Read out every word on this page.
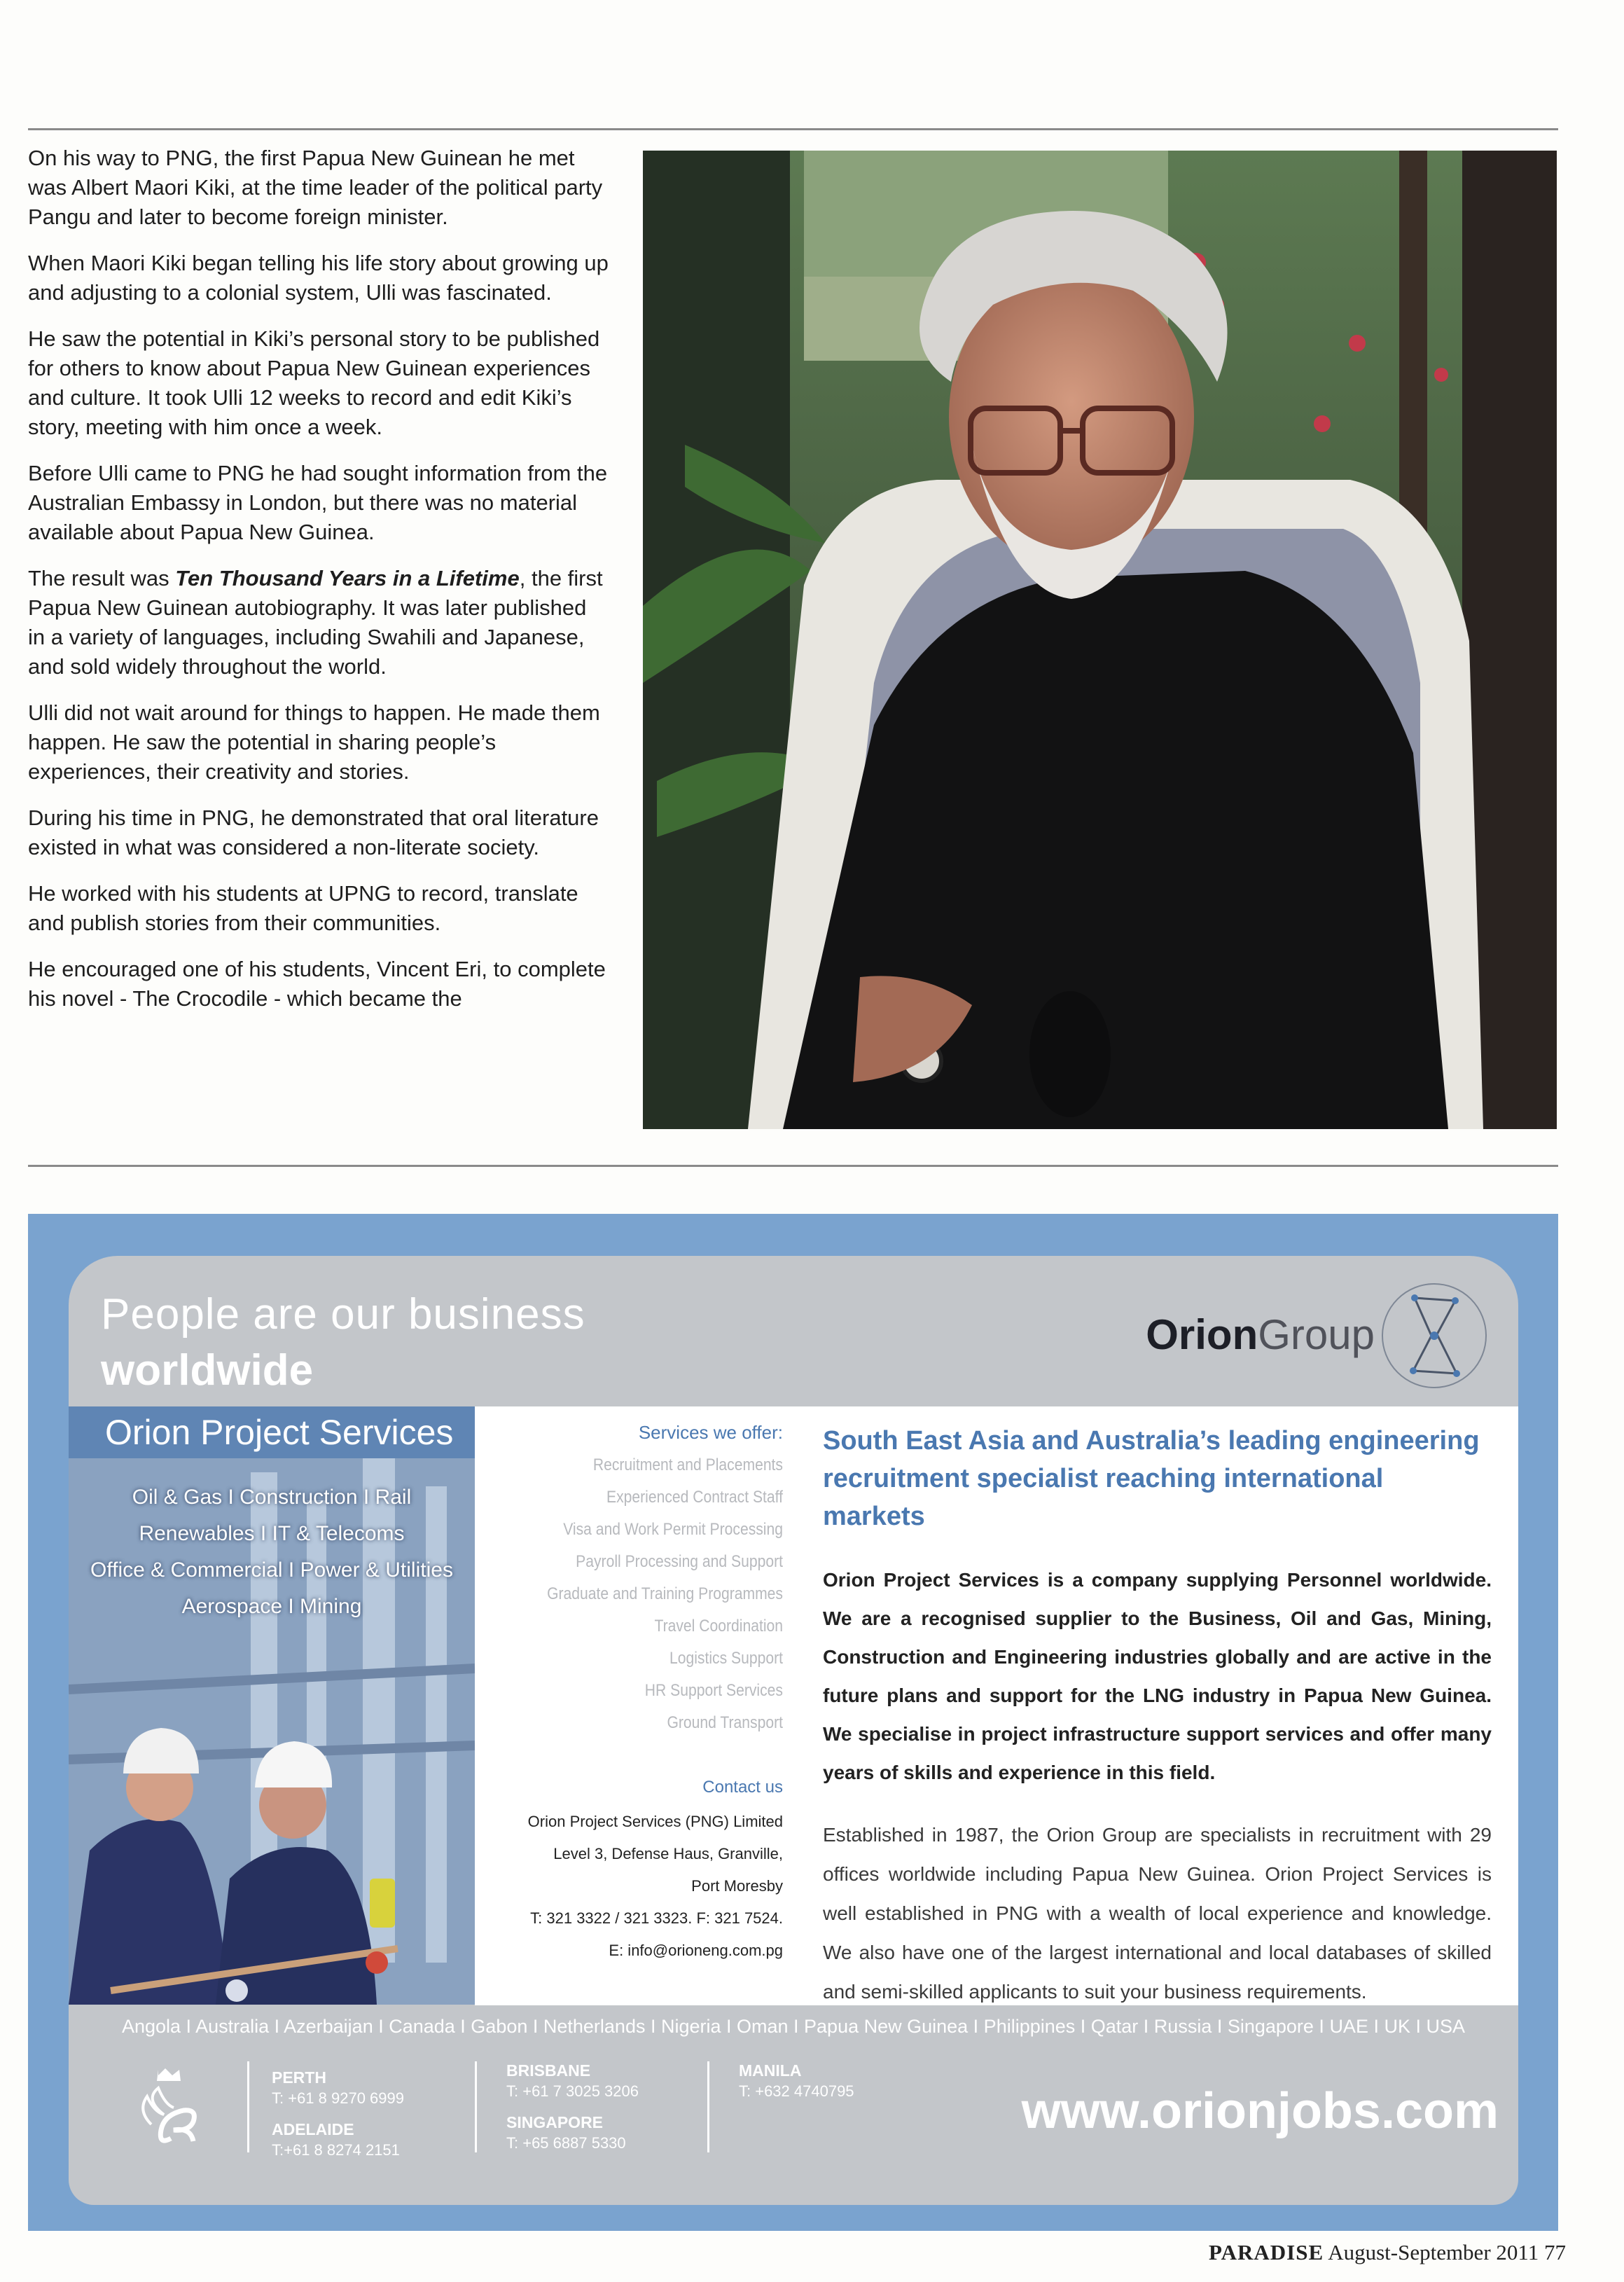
On his way to PNG, the first Papua New Guinean he met was Albert Maori Kiki, at the time leader of the political party Pangu and later to become foreign minister.

When Maori Kiki began telling his life story about growing up and adjusting to a colonial system, Ulli was fascinated.

He saw the potential in Kiki’s personal story to be published for others to know about Papua New Guinean experiences and culture. It took Ulli 12 weeks to record and edit Kiki’s story, meeting with him once a week.

Before Ulli came to PNG he had sought information from the Australian Embassy in London, but there was no material available about Papua New Guinea.

The result was Ten Thousand Years in a Lifetime, the first Papua New Guinean autobiography. It was later published in a variety of languages, including Swahili and Japanese, and sold widely throughout the world.

Ulli did not wait around for things to happen. He made them happen. He saw the potential in sharing people’s experiences, their creativity and stories.

During his time in PNG, he demonstrated that oral literature existed in what was considered a non-literate society.

He worked with his students at UPNG to record, translate and publish stories from their communities.

He encouraged one of his students, Vincent Eri, to complete his novel - The Crocodile - which became the

People are our business
worldwide
OrionGroup
Orion Project Services
Oil & Gas I Construction I Rail
Renewables I IT & Telecoms
Office & Commercial I Power & Utilities
Aerospace I Mining
Services we offer:
Recruitment and Placements
Experienced Contract Staff
Visa and Work Permit Processing
Payroll Processing and Support
Graduate and Training Programmes
Travel Coordination
Logistics Support
HR Support Services
Ground Transport
Contact us
Orion Project Services (PNG) Limited
Level 3, Defense Haus, Granville,
Port Moresby
T: 321 3322 / 321 3323. F: 321 7524.
E: info@orioneng.com.pg
South East Asia and Australia’s leading engineering recruitment specialist reaching international markets
Orion Project Services is a company supplying Personnel worldwide. We are a recognised supplier to the Business, Oil and Gas, Mining, Construction and Engineering industries globally and are active in the future plans and support for the LNG industry in Papua New Guinea. We specialise in project infrastructure support services and offer many years of skills and experience in this field.
Established in 1987, the Orion Group are specialists in recruitment with 29 offices worldwide including Papua New Guinea. Orion Project Services is well established in PNG with a wealth of local experience and knowledge. We also have one of the largest international and local databases of skilled and semi-skilled applicants to suit your business requirements.
Angola I Australia I Azerbaijan I Canada I Gabon I Netherlands I Nigeria I Oman I Papua New Guinea I Philippines I Qatar I Russia I Singapore I UAE I UK I USA
PERTH
T: +61 8 9270 6999
ADELAIDE
T:+61 8 8274 2151
BRISBANE
T: +61 7 3025 3206
SINGAPORE
T: +65 6887 5330
MANILA
T: +632 4740795	www.orionjobs.com
PARADISE August-September 2011 77
